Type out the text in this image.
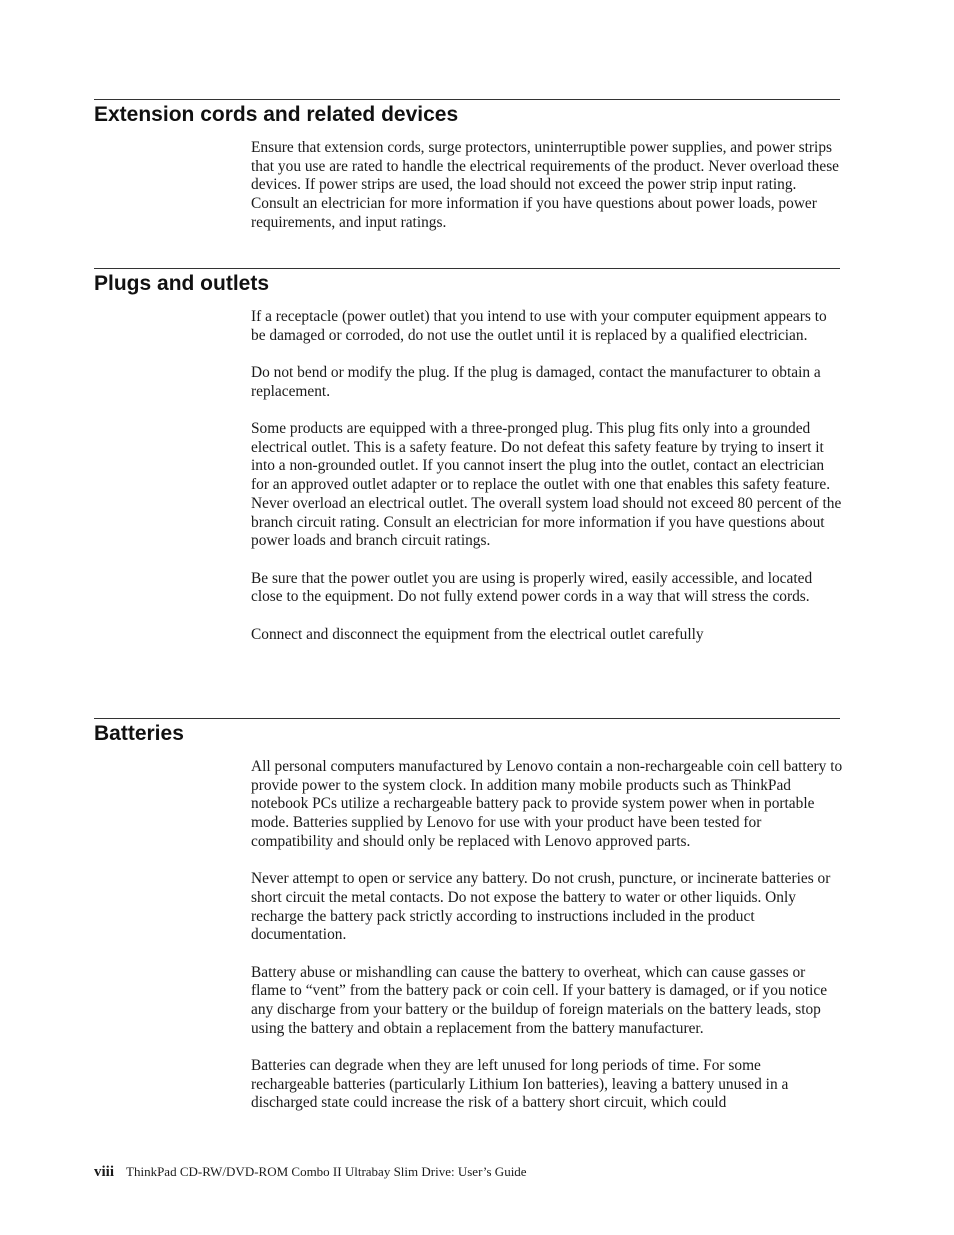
Extension cords and related devices

Ensure that extension cords, surge protectors, uninterruptible power supplies, and power strips that you use are rated to handle the electrical requirements of the product. Never overload these devices. If power strips are used, the load should not exceed the power strip input rating. Consult an electrician for more information if you have questions about power loads, power requirements, and input ratings.

Plugs and outlets

If a receptacle (power outlet) that you intend to use with your computer equipment appears to be damaged or corroded, do not use the outlet until it is replaced by a qualified electrician.

Do not bend or modify the plug. If the plug is damaged, contact the manufacturer to obtain a replacement.

Some products are equipped with a three-pronged plug. This plug fits only into a grounded electrical outlet. This is a safety feature. Do not defeat this safety feature by trying to insert it into a non-grounded outlet. If you cannot insert the plug into the outlet, contact an electrician for an approved outlet adapter or to replace the outlet with one that enables this safety feature. Never overload an electrical outlet. The overall system load should not exceed 80 percent of the branch circuit rating. Consult an electrician for more information if you have questions about power loads and branch circuit ratings.

Be sure that the power outlet you are using is properly wired, easily accessible, and located close to the equipment. Do not fully extend power cords in a way that will stress the cords.

Connect and disconnect the equipment from the electrical outlet carefully

Batteries

All personal computers manufactured by Lenovo contain a non-rechargeable coin cell battery to provide power to the system clock. In addition many mobile products such as ThinkPad notebook PCs utilize a rechargeable battery pack to provide system power when in portable mode. Batteries supplied by Lenovo for use with your product have been tested for compatibility and should only be replaced with Lenovo approved parts.

Never attempt to open or service any battery. Do not crush, puncture, or incinerate batteries or short circuit the metal contacts. Do not expose the battery to water or other liquids. Only recharge the battery pack strictly according to instructions included in the product documentation.

Battery abuse or mishandling can cause the battery to overheat, which can cause gasses or flame to “vent” from the battery pack or coin cell. If your battery is damaged, or if you notice any discharge from your battery or the buildup of foreign materials on the battery leads, stop using the battery and obtain a replacement from the battery manufacturer.

Batteries can degrade when they are left unused for long periods of time. For some rechargeable batteries (particularly Lithium Ion batteries), leaving a battery unused in a discharged state could increase the risk of a battery short circuit, which could

viii ThinkPad CD-RW/DVD-ROM Combo II Ultrabay Slim Drive: User’s Guide
